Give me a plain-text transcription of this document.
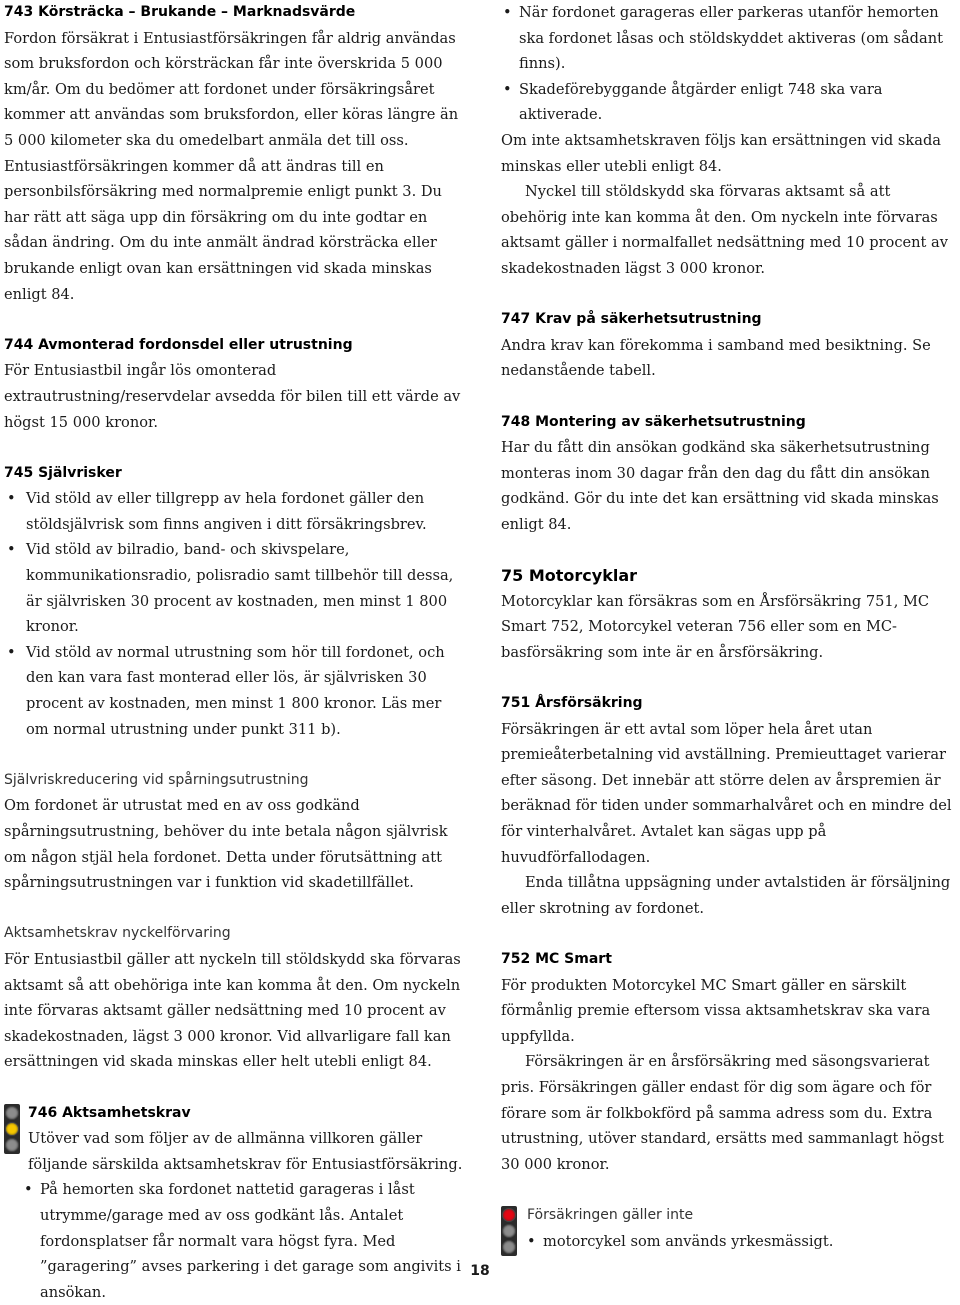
743 Körsträcka – Brukande – Marknadsvärde

Fordon försäkrat i Entusiastförsäkringen får aldrig användas som bruksfordon och körsträckan får inte överskrida 5 000 km/år. Om du bedömer att fordonet under försäkringsåret kommer att användas som bruksfordon, eller köras längre än 5 000 kilometer ska du omedelbart anmäla det till oss. Entusiastförsäkringen kommer då att ändras till en personbilsförsäkring med normalpremie enligt punkt 3. Du har rätt att säga upp din försäkring om du inte godtar en sådan ändring. Om du inte anmält ändrad körsträcka eller brukande enligt ovan kan ersättningen vid skada minskas enligt 84.

744 Avmonterad fordonsdel eller utrustning

För Entusiastbil ingår lös omonterad extrautrustning/reservdelar avsedda för bilen till ett värde av högst 15 000 kronor.

745 Självrisker
• Vid stöld av eller tillgrepp av hela fordonet gäller den stöldsjälvrisk som finns angiven i ditt försäkringsbrev.
• Vid stöld av bilradio, band- och skivspelare, kommunikationsradio, polisradio samt tillbehör till dessa, är självrisken 30 procent av kostnaden, men minst 1 800 kronor.
• Vid stöld av normal utrustning som hör till fordonet, och den kan vara fast monterad eller lös, är självrisken 30 procent av kostnaden, men minst 1 800 kronor. Läs mer om normal utrustning under punkt 311 b).
Självriskreducering vid spårningsutrustning

Om fordonet är utrustat med en av oss godkänd spårningsutrustning, behöver du inte betala någon självrisk om någon stjäl hela fordonet. Detta under förutsättning att spårningsutrustningen var i funktion vid skadetillfället.

Aktsamhetskrav nyckelförvaring

För Entusiastbil gäller att nyckeln till stöldskydd ska förvaras aktsamt så att obehöriga inte kan komma åt den. Om nyckeln inte förvaras aktsamt gäller nedsättning med 10 procent av skadekostnaden, lägst 3 000 kronor. Vid allvarligare fall kan ersättningen vid skada minskas eller helt utebli enligt 84.

746 Aktsamhetskrav

Utöver vad som följer av de allmänna villkoren gäller följande särskilda aktsamhetskrav för Entusiastförsäkring.

• På hemorten ska fordonet nattetid garageras i låst utrymme/garage med av oss godkänt lås. Antalet fordonsplatser får normalt vara högst fyra. Med ”garagering” avses parkering i det garage som angivits i ansökan.
• När fordonet garageras eller parkeras utanför hemorten ska fordonet låsas och stöldskyddet aktiveras (om sådant finns).
• Skadeförebyggande åtgärder enligt 748 ska vara aktiverade.

Om inte aktsamhetskraven följs kan ersättningen vid skada minskas eller utebli enligt 84.

Nyckel till stöldskydd ska förvaras aktsamt så att obehörig inte kan komma åt den. Om nyckeln inte förvaras aktsamt gäller i normalfallet nedsättning med 10 procent av skadekostnaden lägst 3 000 kronor.

747 Krav på säkerhetsutrustning

Andra krav kan förekomma i samband med besiktning. Se nedanstående tabell.

748 Montering av säkerhetsutrustning

Har du fått din ansökan godkänd ska säkerhetsutrustning monteras inom 30 dagar från den dag du fått din ansökan godkänd. Gör du inte det kan ersättning vid skada minskas enligt 84.

75 Motorcyklar

Motorcyklar kan försäkras som en Årsförsäkring 751, MC Smart 752, Motorcykel veteran 756 eller som en MC-basförsäkring som inte är en årsförsäkring.

751 Årsförsäkring

Försäkringen är ett avtal som löper hela året utan premieåterbetalning vid avställning. Premieuttaget varierar efter säsong. Det innebär att större delen av årspremien är beräknad för tiden under sommarhalvåret och en mindre del för vinterhalvåret. Avtalet kan sägas upp på huvudförfallodagen.

Enda tillåtna uppsägning under avtalstiden är försäljning eller skrotning av fordonet.

752 MC Smart

För produkten Motorcykel MC Smart gäller en särskilt förmånlig premie eftersom vissa aktsamhetskrav ska vara uppfyllda.

Försäkringen är en årsförsäkring med säsongsvarierat pris. Försäkringen gäller endast för dig som ägare och för förare som är folkbokförd på samma adress som du. Extra utrustning, utöver standard, ersätts med sammanlagt högst 30 000 kronor.

Försäkringen gäller inte
• motorcykel som används yrkesmässigt.
18
